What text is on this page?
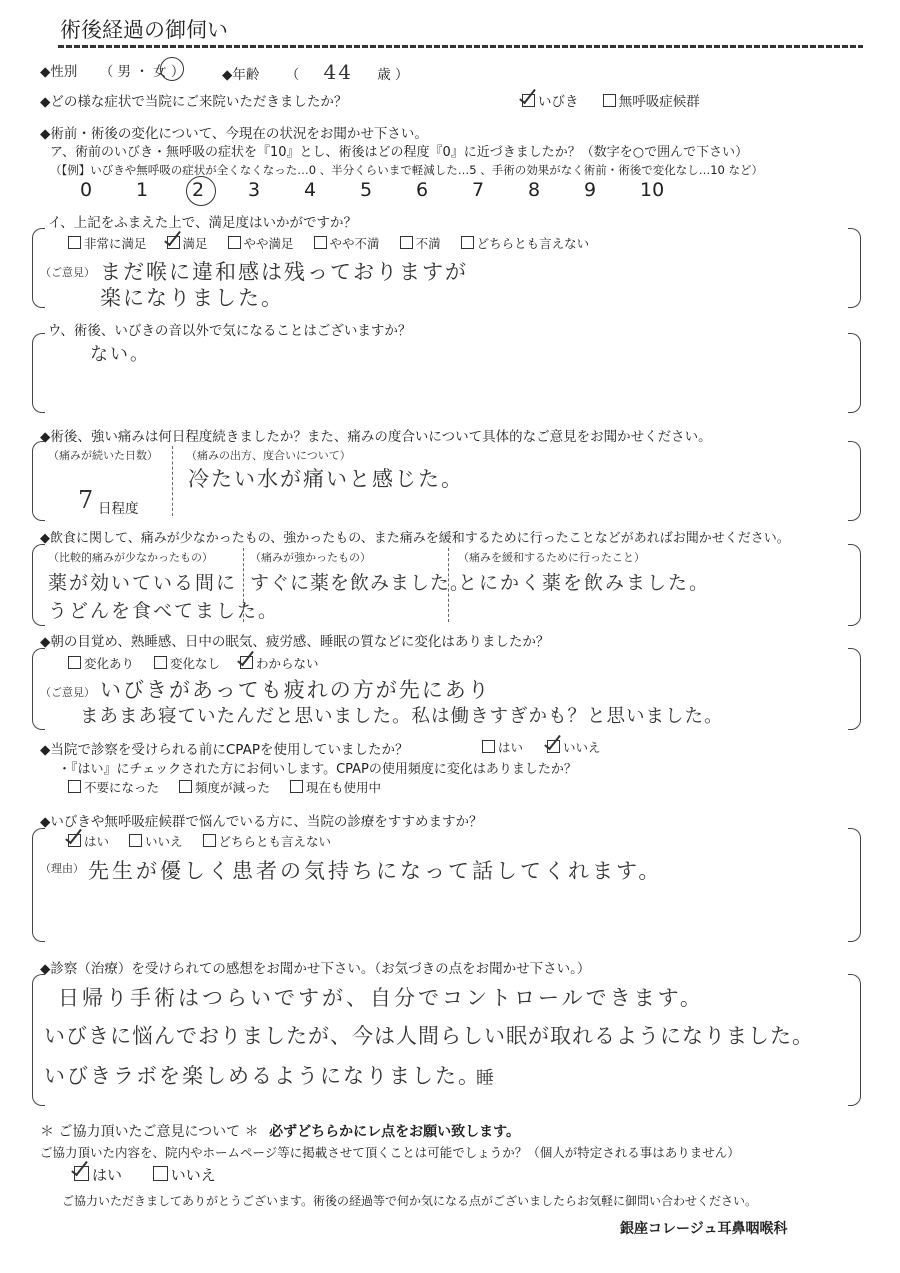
術後経過の御伺い
◆性別 （ 男 ・ 女 ）	◆年齢 （ 44 歳 ）
◆どの様な症状で当院にご来院いただきましたか？	いびき	無呼吸症候群
◆術前・術後の変化について、今現在の状況をお聞かせ下さい。
ア、術前のいびき・無呼吸の症状を『10』とし、術後はどの程度『0』に近づきましたか？（数字を○で囲んで下さい）
（【例】いびきや無呼吸の症状が全くなくなった…0 、半分くらいまで軽減した…5 、手術の効果がなく術前・術後で変化なし…10 など）
0 1 2 3 4 5 6 7 8 9 10
イ、上記をふまえた上で、満足度はいかがですか？
非常に満足	満足	やや満足	やや不満	不満	どちらとも言えない
（ご意見） まだ喉に違和感は残っておりますが
楽になりました。
ウ、術後、いびきの音以外で気になることはございますか？
ない。
◆術後、強い痛みは何日程度続きましたか？また、痛みの度合いについて具体的なご意見をお聞かせください。
（痛みが続いた日数）
7 日程度
（痛みの出方、度合いについて）
冷たい水が痛いと感じた。
◆飲食に関して、痛みが少なかったもの、強かったもの、また痛みを緩和するために行ったことなどがあればお聞かせください。
（比較的痛みが少なかったもの）
薬が効いている間に
うどんを食べてました。
（痛みが強かったもの）
すぐに薬を飲みました。
（痛みを緩和するために行ったこと）
とにかく薬を飲みました。
◆朝の目覚め、熟睡感、日中の眠気、疲労感、睡眠の質などに変化はありましたか？
変化あり	変化なし	わからない
（ご意見） いびきがあっても疲れの方が先にあり
まあまあ寝ていたんだと思いました。私は働きすぎかも？と思いました。
◆当院で診察を受けられる前にCPAPを使用していましたか？	はい	いいえ
・『はい』にチェックされた方にお伺いします。CPAPの使用頻度に変化はありましたか？
不要になった	頻度が減った	現在も使用中
◆いびきや無呼吸症候群で悩んでいる方に、当院の診療をすすめますか？
はい	いいえ	どちらとも言えない
（理由） 先生が優しく患者の気持ちになって話してくれます。
◆診察（治療）を受けられての感想をお聞かせ下さい。（お気づきの点をお聞かせ下さい。）
日帰り手術はつらいですが、自分でコントロールできます。
いびきに悩んでおりましたが、今は人間らしい眠が取れるようになりました。
いびきラボを楽しめるようになりました。
睡
＊ ご協力頂いたご意見について ＊ 必ずどちらかにレ点をお願い致します。
ご協力頂いた内容を、院内やホームページ等に掲載させて頂くことは可能でしょうか？（個人が特定される事はありません）
はい	いいえ
ご協力いただきましてありがとうございます。術後の経過等で何か気になる点がございましたらお気軽に御問い合わせください。
銀座コレージュ耳鼻咽喉科
